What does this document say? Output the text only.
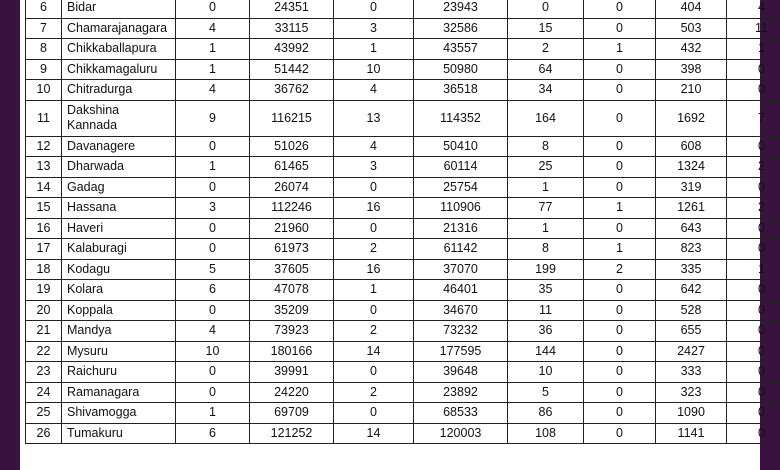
6	Bidar	0	24351	0	23943	0	0	404	4
7	Chamarajanagara	4	33115	3	32586	15	0	503	11
8	Chikkaballapura	1	43992	1	43557	2	1	432	1
9	Chikkamagaluru	1	51442	10	50980	64	0	398	0
10	Chitradurga	4	36762	4	36518	34	0	210	0
11	Dakshina Kannada	9	116215	13	114352	164	0	1692	7
12	Davanagere	0	51026	4	50410	8	0	608	0
13	Dharwada	1	61465	3	60114	25	0	1324	2
14	Gadag	0	26074	0	25754	1	0	319	0
15	Hassana	3	112246	16	110906	77	1	1261	2
16	Haveri	0	21960	0	21316	1	0	643	0
17	Kalaburagi	0	61973	2	61142	8	1	823	0
18	Kodagu	5	37605	16	37070	199	2	335	1
19	Kolara	6	47078	1	46401	35	0	642	0
20	Koppala	0	35209	0	34670	11	0	528	0
21	Mandya	4	73923	2	73232	36	0	655	0
22	Mysuru	10	180166	14	177595	144	0	2427	0
23	Raichuru	0	39991	0	39648	10	0	333	0
24	Ramanagara	0	24220	2	23892	5	0	323	0
25	Shivamogga	1	69709	0	68533	86	0	1090	0
26	Tumakuru	6	121252	14	120003	108	0	1141	0
